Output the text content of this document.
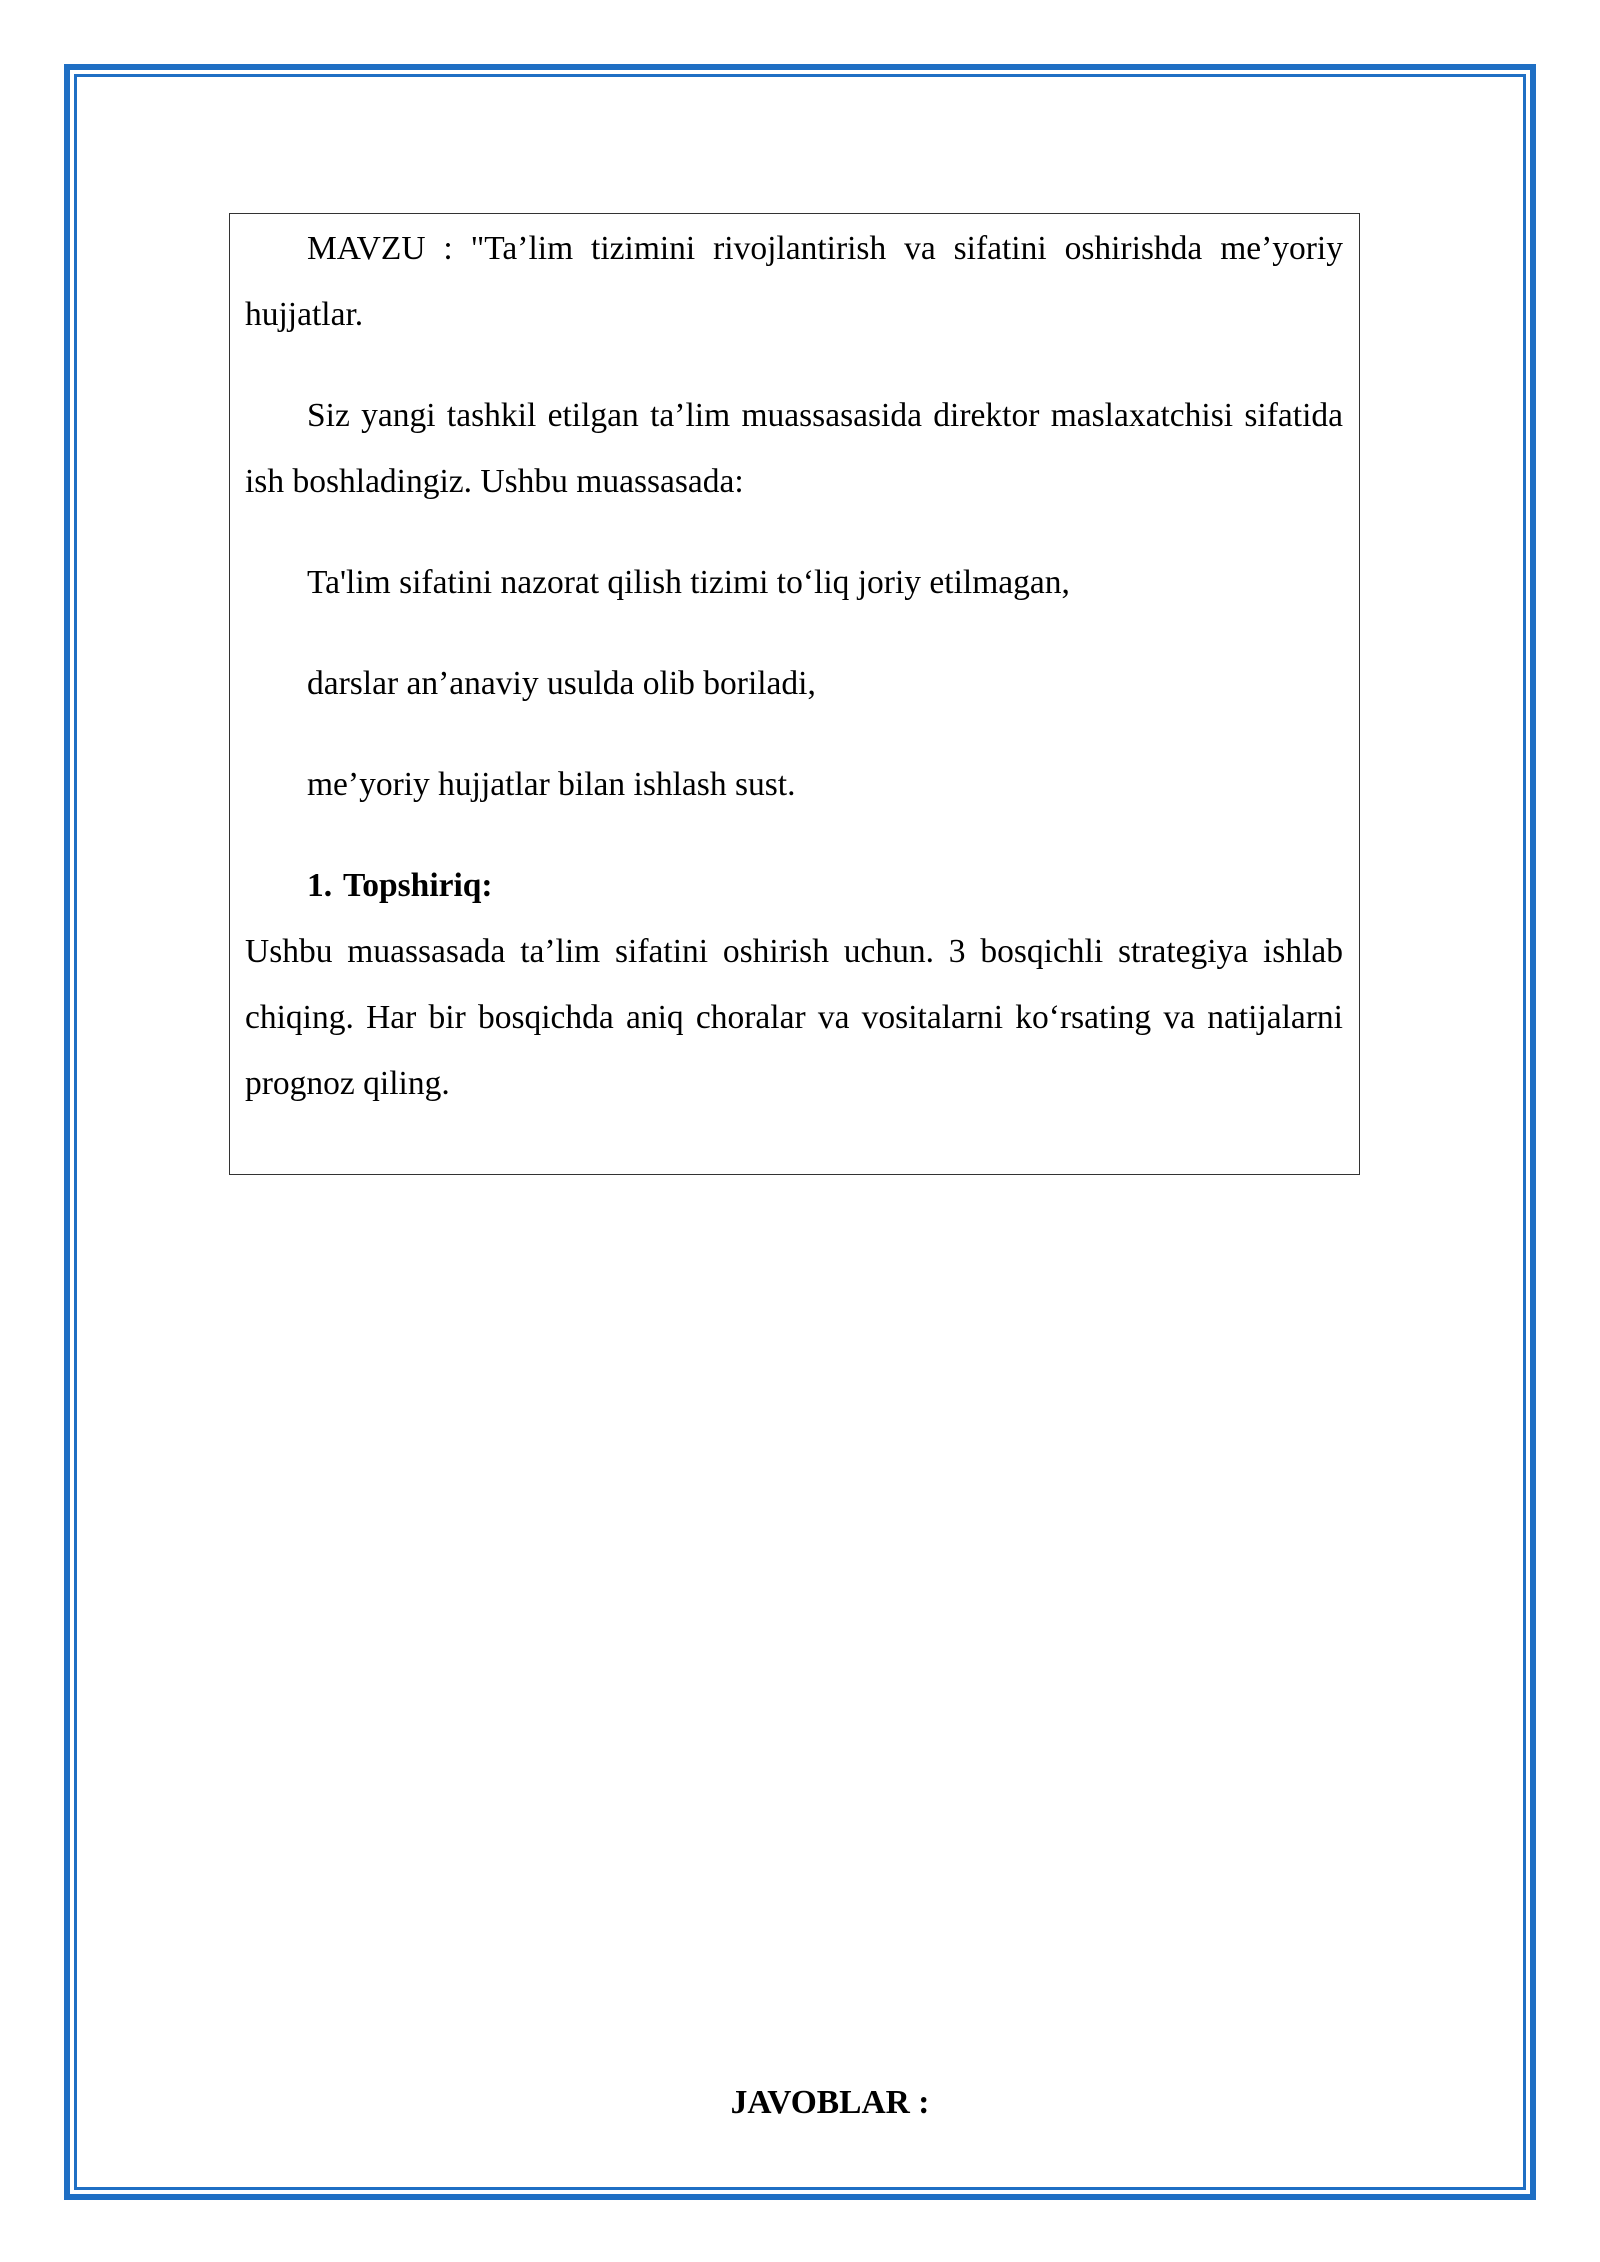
MAVZU : "Ta’lim tizimini rivojlantirish va sifatini oshirishda me’yoriy hujjatlar.

Siz yangi tashkil etilgan ta’lim muassasasida direktor maslaxatchisi sifatida ish boshladingiz. Ushbu muassasada:

Ta'lim sifatini nazorat qilish tizimi to‘liq joriy etilmagan,

darslar an’anaviy usulda olib boriladi,

me’yoriy hujjatlar bilan ishlash sust.

1. Topshiriq:

Ushbu muassasada ta’lim sifatini oshirish uchun. 3 bosqichli strategiya ishlab chiqing. Har bir bosqichda aniq choralar va vositalarni ko‘rsating va natijalarni prognoz qiling.

JAVOBLAR :
